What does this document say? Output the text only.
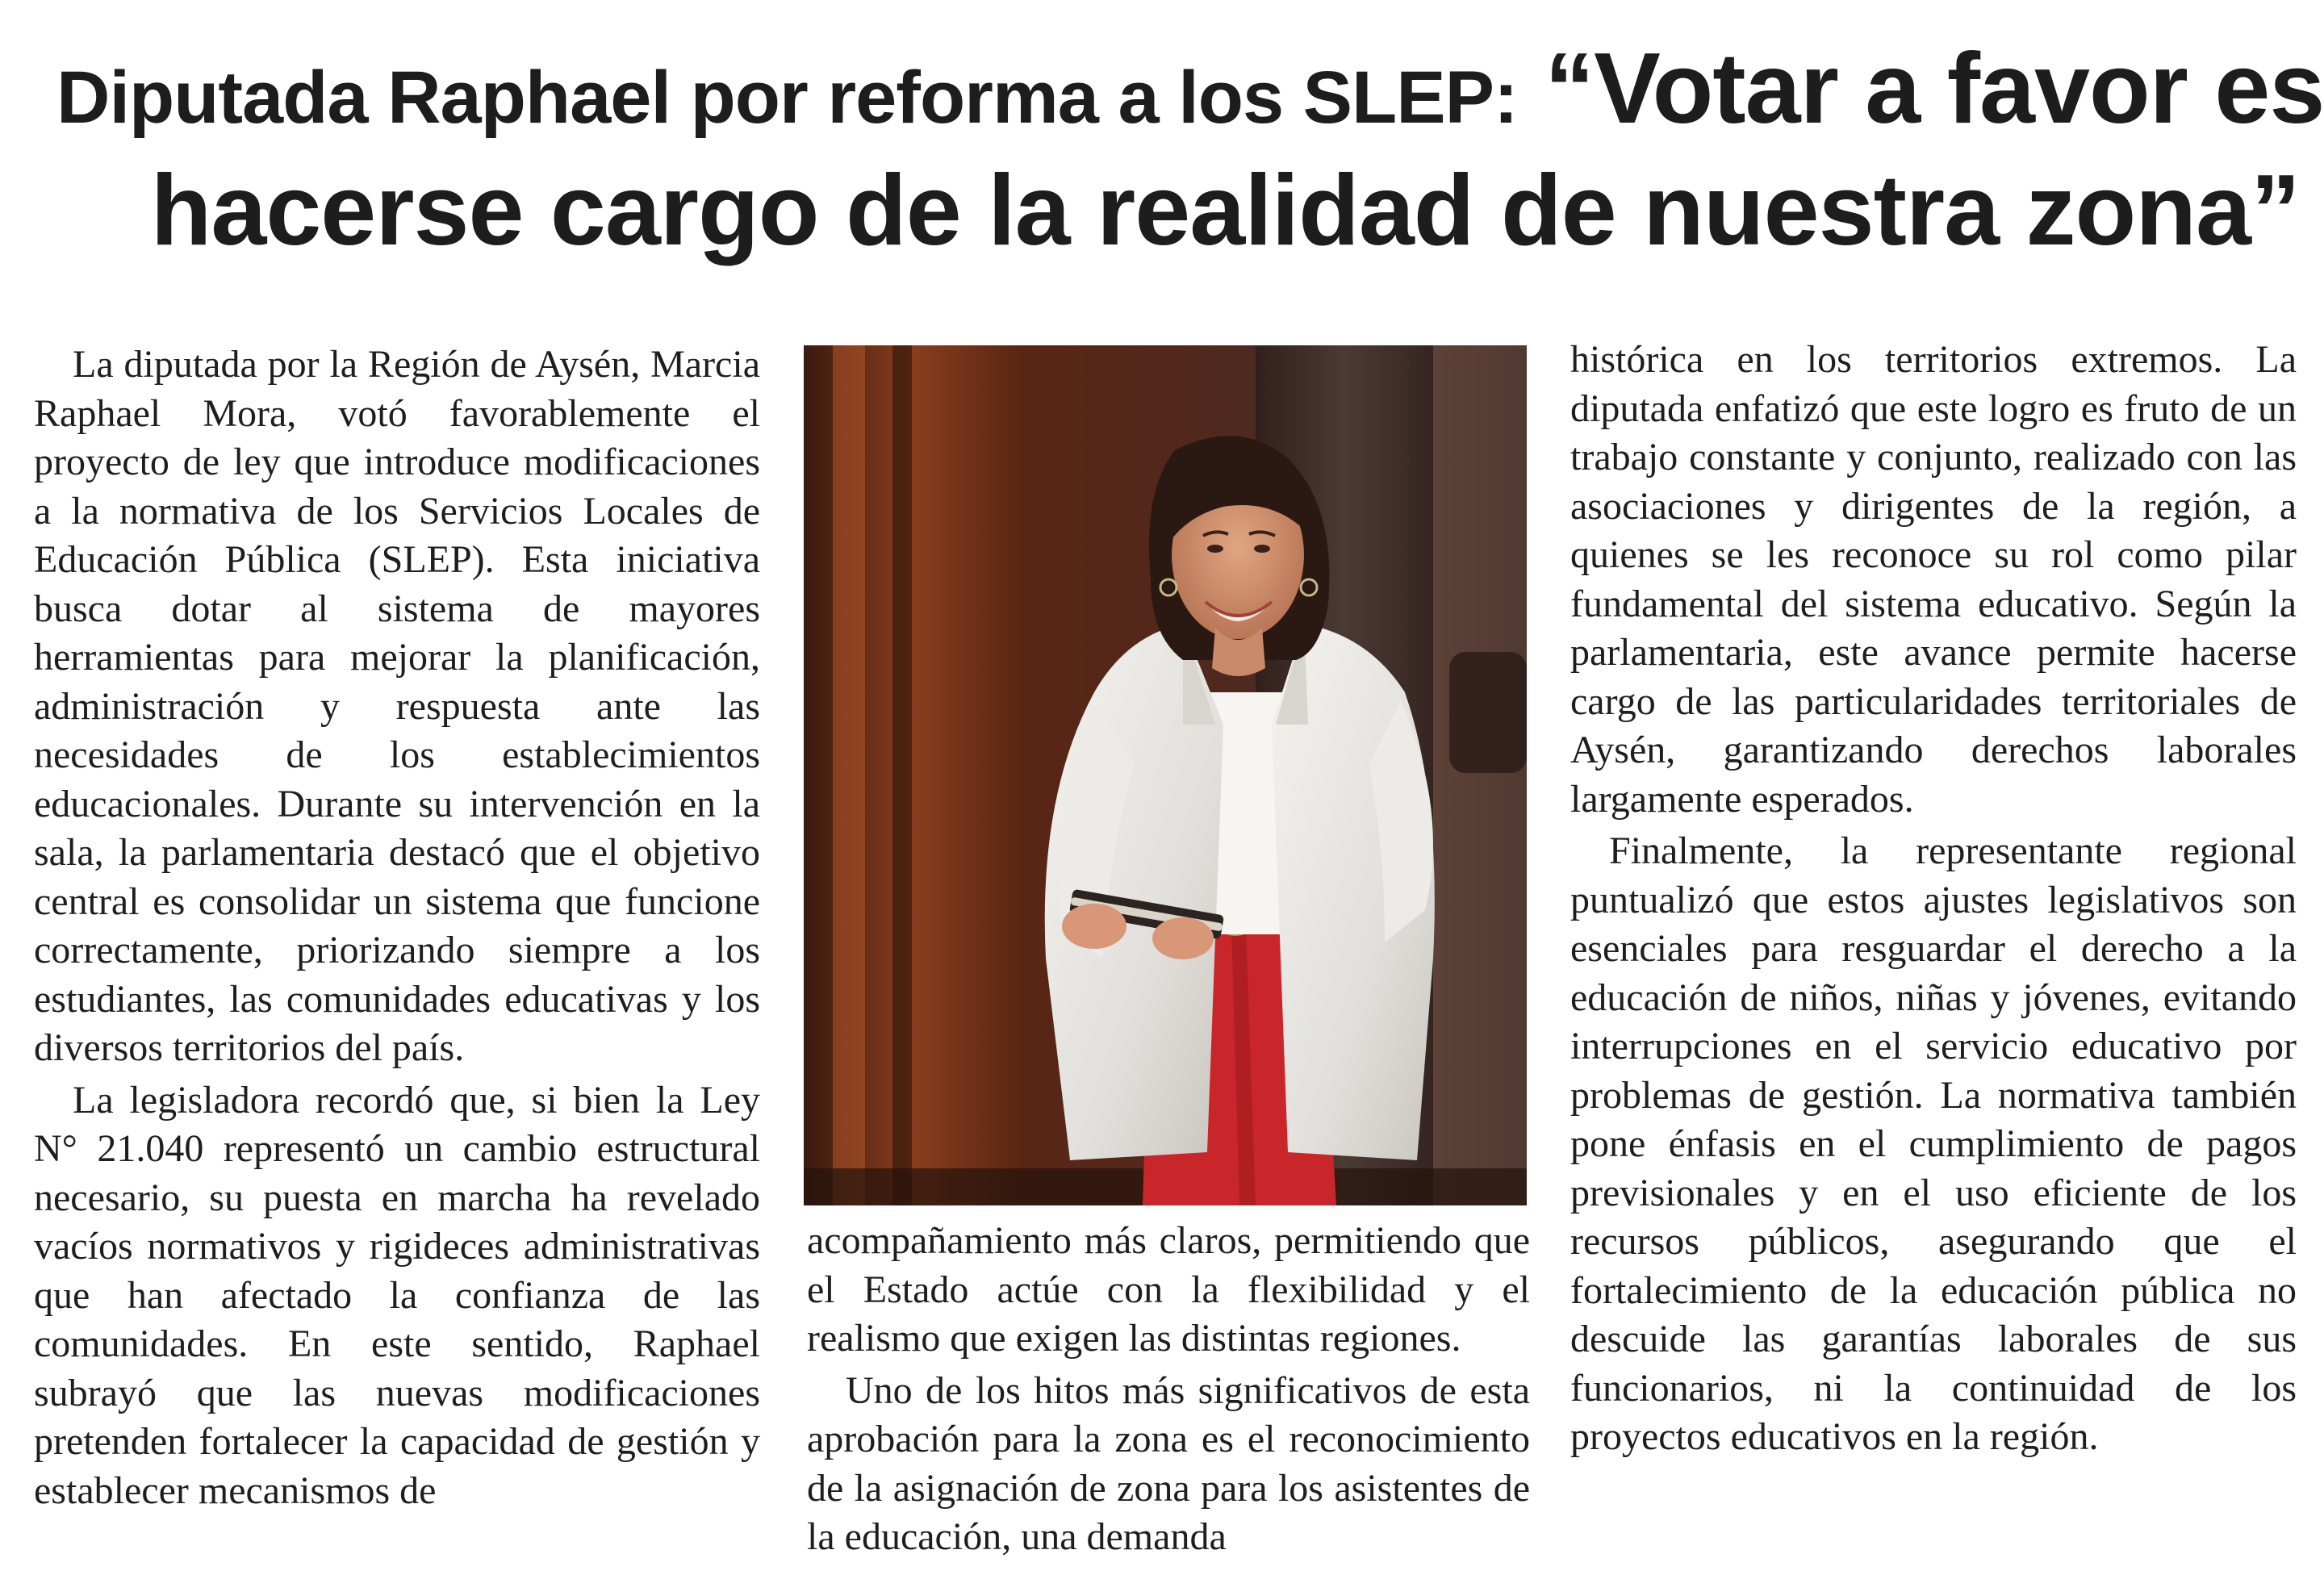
Diputada Raphael por reforma a los SLEP: “Votar a favor es
hacerse cargo de la realidad de nuestra zona”

La diputada por la Región de Aysén, Marcia Raphael Mora, votó favorablemente el proyecto de ley que introduce modificaciones a la normativa de los Servicios Locales de Educación Pública (SLEP). Esta iniciativa busca dotar al sistema de mayores herramientas para mejorar la planificación, administración y respuesta ante las necesidades de los establecimientos educacionales. Durante su intervención en la sala, la parlamentaria destacó que el objetivo central es consolidar un sistema que funcione correctamente, priorizando siempre a los estudiantes, las comunidades educativas y los diversos territorios del país.

La legisladora recordó que, si bien la Ley N° 21.040 representó un cambio estructural necesario, su puesta en marcha ha revelado vacíos normativos y rigideces administrativas que han afectado la confianza de las comunidades. En este sentido, Raphael subrayó que las nuevas modificaciones pretenden fortalecer la capacidad de gestión y establecer mecanismos de

acompañamiento más claros, permitiendo que el Estado actúe con la flexibilidad y el realismo que exigen las distintas regiones.

Uno de los hitos más significativos de esta aprobación para la zona es el reconocimiento de la asignación de zona para los asistentes de la educación, una demanda

histórica en los territorios extremos. La diputada enfatizó que este logro es fruto de un trabajo constante y conjunto, realizado con las asociaciones y dirigentes de la región, a quienes se les reconoce su rol como pilar fundamental del sistema educativo. Según la parlamentaria, este avance permite hacerse cargo de las particularidades territoriales de Aysén, garantizando derechos laborales largamente esperados.

Finalmente, la representante regional puntualizó que estos ajustes legislativos son esenciales para resguardar el derecho a la educación de niños, niñas y jóvenes, evitando interrupciones en el servicio educativo por problemas de gestión. La normativa también pone énfasis en el cumplimiento de pagos previsionales y en el uso eficiente de los recursos públicos, asegurando que el fortalecimiento de la educación pública no descuide las garantías laborales de sus funcionarios, ni la continuidad de los proyectos educativos en la región.
